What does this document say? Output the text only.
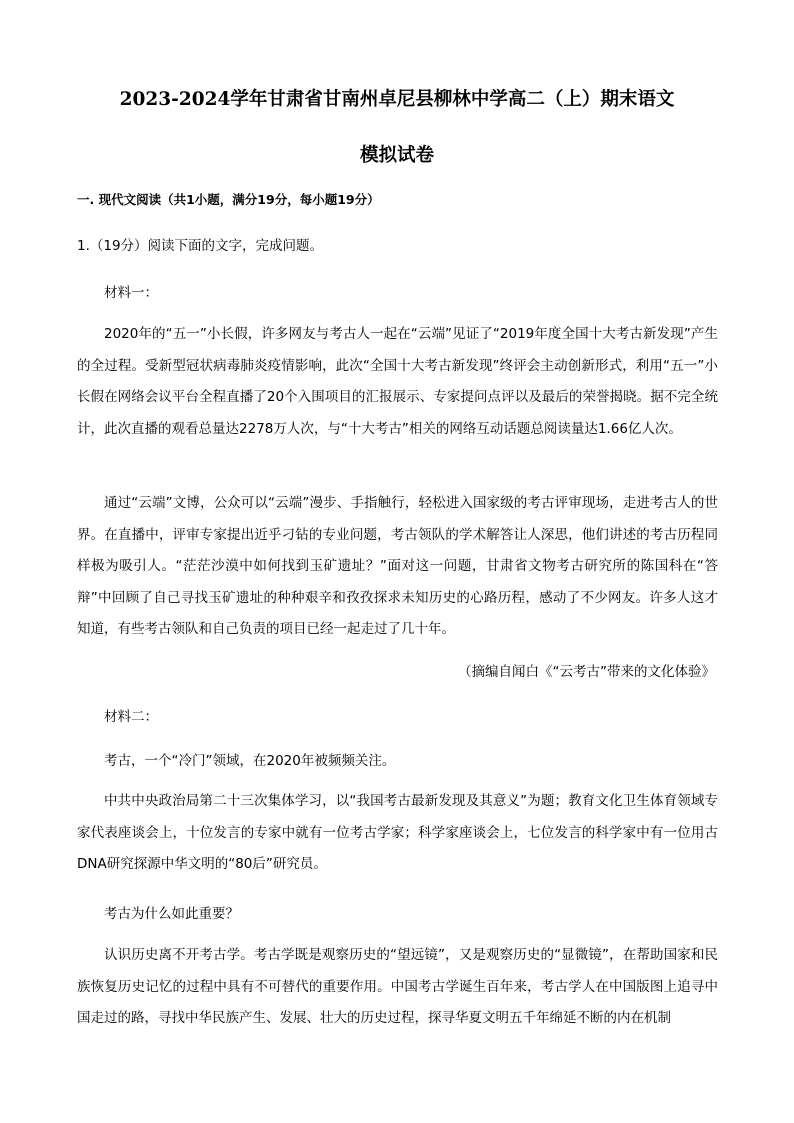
2023-2024学年甘肃省甘南州卓尼县柳林中学高二（上）期末语文
模拟试卷
一. 现代文阅读（共1小题，满分19分，每小题19分）
1.（19分）阅读下面的文字，完成问题。
材料一：
2020年的“五一”小长假，许多网友与考古人一起在“云端”见证了“2019年度全国十大考古新发现”产生的全过程。受新型冠状病毒肺炎疫情影响，此次“全国十大考古新发现”终评会主动创新形式，利用“五一”小长假在网络会议平台全程直播了20个入围项目的汇报展示、专家提问点评以及最后的荣誉揭晓。据不完全统计，此次直播的观看总量达2278万人次，与“十大考古”相关的网络互动话题总阅读量达1.66亿人次。
通过“云端”文博，公众可以“云端”漫步、手指触行，轻松进入国家级的考古评审现场，走进考古人的世界。在直播中，评审专家提出近乎刁钻的专业问题，考古领队的学术解答让人深思，他们讲述的考古历程同样极为吸引人。“茫茫沙漠中如何找到玉矿遗址？”面对这一问题，甘肃省文物考古研究所的陈国科在“答辩”中回顾了自己寻找玉矿遗址的种种艰辛和孜孜探求未知历史的心路历程，感动了不少网友。许多人这才知道，有些考古领队和自己负责的项目已经一起走过了几十年。
（摘编自闻白《“云考古”带来的文化体验》
材料二：
考古，一个“冷门”领域，在2020年被频频关注。
中共中央政治局第二十三次集体学习，以“我国考古最新发现及其意义”为题；教育文化卫生体育领域专家代表座谈会上，十位发言的专家中就有一位考古学家；科学家座谈会上，七位发言的科学家中有一位用古DNA研究探源中华文明的“80后”研究员。
考古为什么如此重要？
认识历史离不开考古学。考古学既是观察历史的“望远镜”，又是观察历史的“显微镜”，在帮助国家和民族恢复历史记忆的过程中具有不可替代的重要作用。中国考古学诞生百年来，考古学人在中国版图上追寻中国走过的路，寻找中华民族产生、发展、壮大的历史过程，探寻华夏文明五千年绵延不断的内在机制
